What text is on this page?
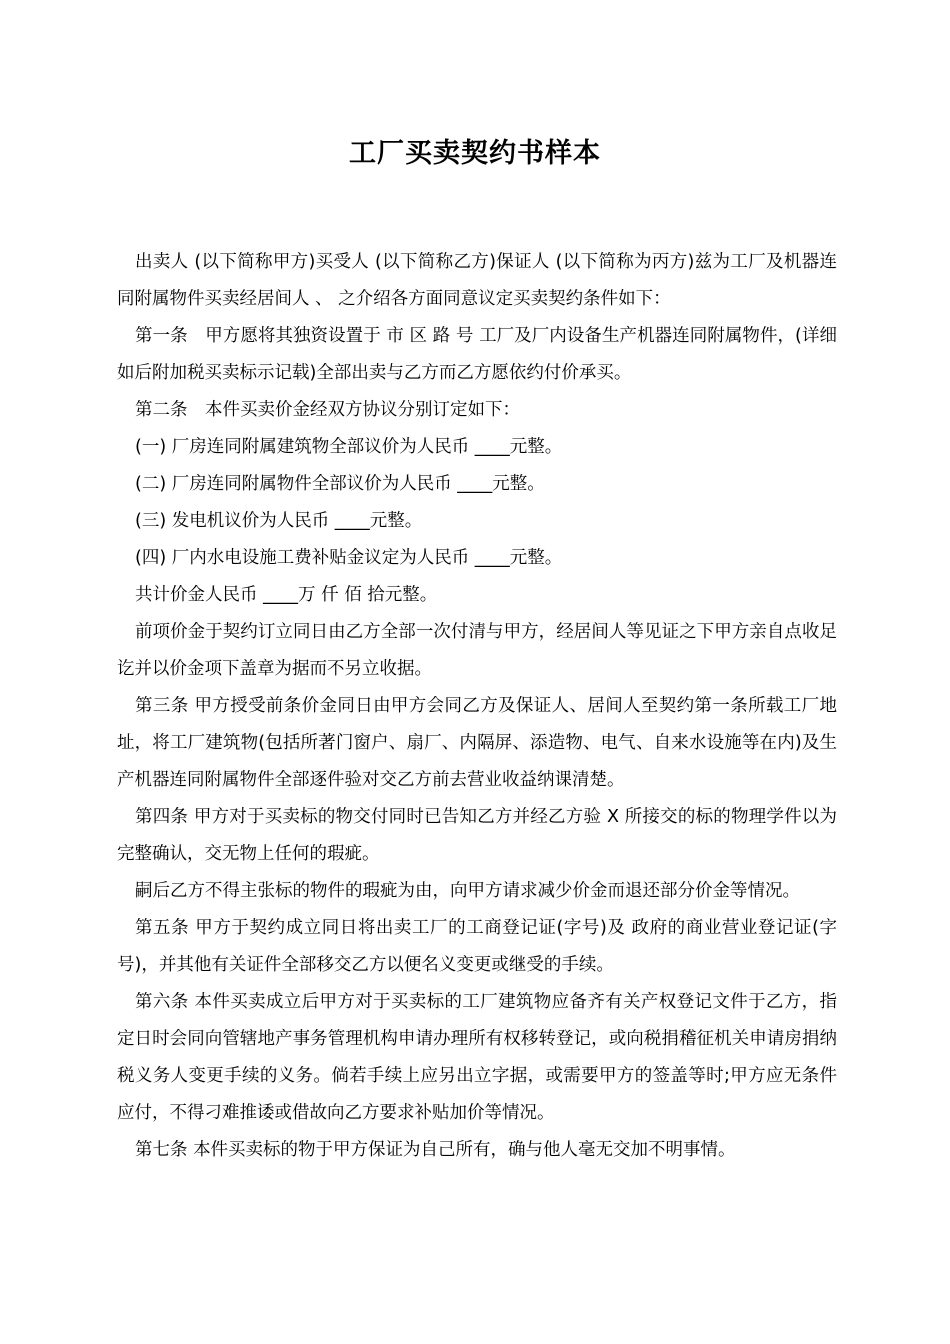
工厂买卖契约书样本

出卖人 (以下简称甲方)买受人 (以下简称乙方)保证人 (以下简称为丙方)兹为工厂及机器连同附属物件买卖经居间人 、 之介绍各方面同意议定买卖契约条件如下：

第一条　甲方愿将其独资设置于 市 区 路 号 工厂及厂内设备生产机器连同附属物件，(详细如后附加税买卖标示记载)全部出卖与乙方而乙方愿依约付价承买。

第二条　本件买卖价金经双方协议分别订定如下：

(一) 厂房连同附属建筑物全部议价为人民币 ____元整。

(二) 厂房连同附属物件全部议价为人民币 ____元整。

(三) 发电机议价为人民币 ____元整。

(四) 厂内水电设施工费补贴金议定为人民币 ____元整。

共计价金人民币 ____万 仟 佰 拾元整。

前项价金于契约订立同日由乙方全部一次付清与甲方，经居间人等见证之下甲方亲自点收足讫并以价金项下盖章为据而不另立收据。

第三条 甲方授受前条价金同日由甲方会同乙方及保证人、居间人至契约第一条所载工厂地址，将工厂建筑物(包括所著门窗户、扇厂、内隔屏、添造物、电气、自来水设施等在内)及生产机器连同附属物件全部逐件验对交乙方前去营业收益纳课清楚。

第四条 甲方对于买卖标的物交付同时已告知乙方并经乙方验 X 所接交的标的物理学件以为完整确认，交无物上任何的瑕疵。

嗣后乙方不得主张标的物件的瑕疵为由，向甲方请求减少价金而退还部分价金等情况。

第五条 甲方于契约成立同日将出卖工厂的工商登记证(字号)及 政府的商业营业登记证(字号)，并其他有关证件全部移交乙方以便名义变更或继受的手续。

第六条 本件买卖成立后甲方对于买卖标的工厂建筑物应备齐有关产权登记文件于乙方，指定日时会同向管辖地产事务管理机构申请办理所有权移转登记，或向税捐稽征机关申请房捐纳税义务人变更手续的义务。倘若手续上应另出立字据，或需要甲方的签盖等时;甲方应无条件应付，不得刁难推诿或借故向乙方要求补贴加价等情况。

第七条 本件买卖标的物于甲方保证为自己所有，确与他人毫无交加不明事情。
